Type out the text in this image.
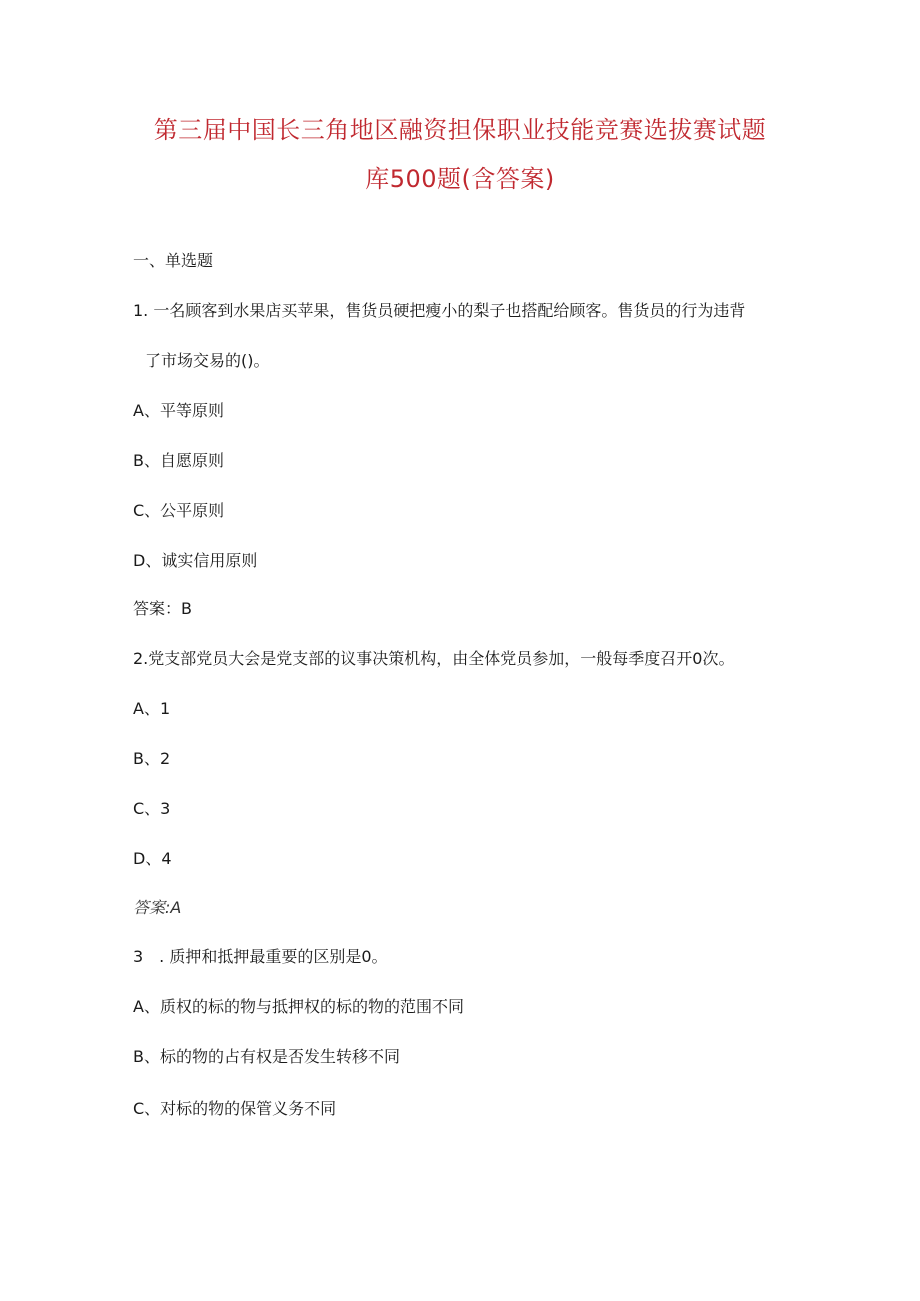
第三届中国长三角地区融资担保职业技能竞赛选拔赛试题
库500题(含答案)
一、单选题
1. 一名顾客到水果店买苹果，售货员硬把瘦小的梨子也搭配给顾客。售货员的行为违背
了市场交易的()。
A、平等原则
B、自愿原则
C、公平原则
D、诚实信用原则
答案：B
2.党支部党员大会是党支部的议事决策机构，由全体党员参加，一般每季度召开0次。
A、1
B、2
C、3
D、4
答案:A
3　. 质押和抵押最重要的区别是0。
A、质权的标的物与抵押权的标的物的范围不同
B、标的物的占有权是否发生转移不同
C、对标的物的保管义务不同
